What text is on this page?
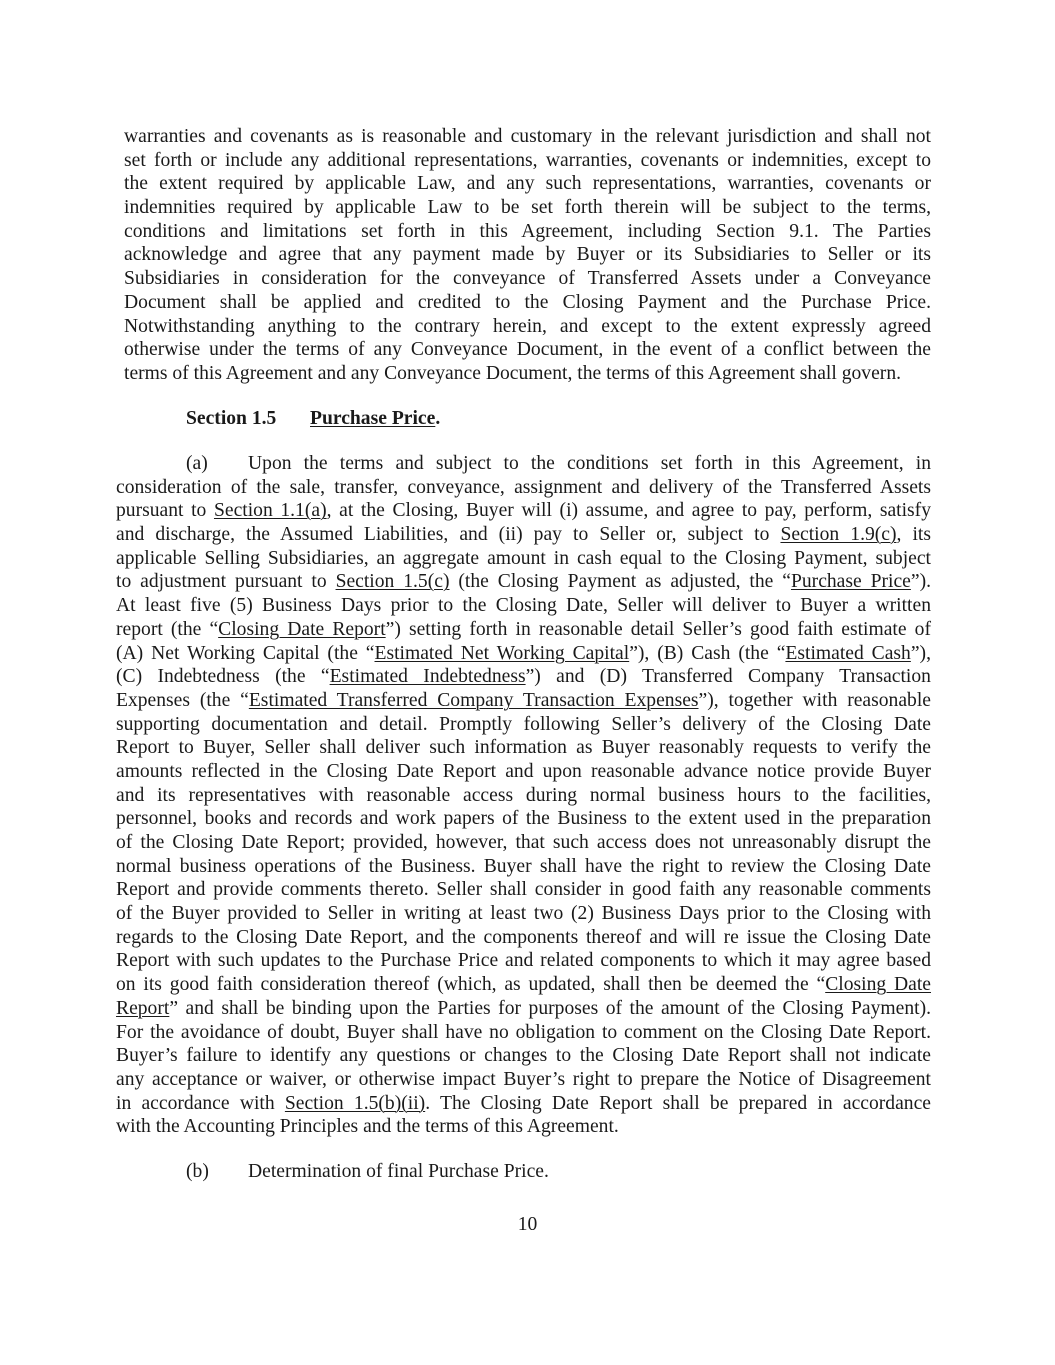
warranties and covenants as is reasonable and customary in the relevant jurisdiction and shall not
set forth or include any additional representations, warranties, covenants or indemnities, except to
the extent required by applicable Law, and any such representations, warranties, covenants or
indemnities required by applicable Law to be set forth therein will be subject to the terms,
conditions and limitations set forth in this Agreement, including Section 9.1. The Parties
acknowledge and agree that any payment made by Buyer or its Subsidiaries to Seller or its
Subsidiaries in consideration for the conveyance of Transferred Assets under a Conveyance
Document shall be applied and credited to the Closing Payment and the Purchase Price.
Notwithstanding anything to the contrary herein, and except to the extent expressly agreed
otherwise under the terms of any Conveyance Document, in the event of a conflict between the
terms of this Agreement and any Conveyance Document, the terms of this Agreement shall govern.
Section 1.5 Purchase Price.
(a) Upon the terms and subject to the conditions set forth in this Agreement, in
consideration of the sale, transfer, conveyance, assignment and delivery of the Transferred Assets
pursuant to Section 1.1(a), at the Closing, Buyer will (i) assume, and agree to pay, perform, satisfy
and discharge, the Assumed Liabilities, and (ii) pay to Seller or, subject to Section 1.9(c), its
applicable Selling Subsidiaries, an aggregate amount in cash equal to the Closing Payment, subject
to adjustment pursuant to Section 1.5(c) (the Closing Payment as adjusted, the “Purchase Price”).
At least five (5) Business Days prior to the Closing Date, Seller will deliver to Buyer a written
report (the “Closing Date Report”) setting forth in reasonable detail Seller’s good faith estimate of
(A) Net Working Capital (the “Estimated Net Working Capital”), (B) Cash (the “Estimated Cash”),
(C) Indebtedness (the “Estimated Indebtedness”) and (D) Transferred Company Transaction
Expenses (the “Estimated Transferred Company Transaction Expenses”), together with reasonable
supporting documentation and detail. Promptly following Seller’s delivery of the Closing Date
Report to Buyer, Seller shall deliver such information as Buyer reasonably requests to verify the
amounts reflected in the Closing Date Report and upon reasonable advance notice provide Buyer
and its representatives with reasonable access during normal business hours to the facilities,
personnel, books and records and work papers of the Business to the extent used in the preparation
of the Closing Date Report; provided, however, that such access does not unreasonably disrupt the
normal business operations of the Business. Buyer shall have the right to review the Closing Date
Report and provide comments thereto. Seller shall consider in good faith any reasonable comments
of the Buyer provided to Seller in writing at least two (2) Business Days prior to the Closing with
regards to the Closing Date Report, and the components thereof and will re issue the Closing Date
Report with such updates to the Purchase Price and related components to which it may agree based
on its good faith consideration thereof (which, as updated, shall then be deemed the “Closing Date
Report” and shall be binding upon the Parties for purposes of the amount of the Closing Payment).
For the avoidance of doubt, Buyer shall have no obligation to comment on the Closing Date Report.
Buyer’s failure to identify any questions or changes to the Closing Date Report shall not indicate
any acceptance or waiver, or otherwise impact Buyer’s right to prepare the Notice of Disagreement
in accordance with Section 1.5(b)(ii). The Closing Date Report shall be prepared in accordance
with the Accounting Principles and the terms of this Agreement.
(b) Determination of final Purchase Price.
10
